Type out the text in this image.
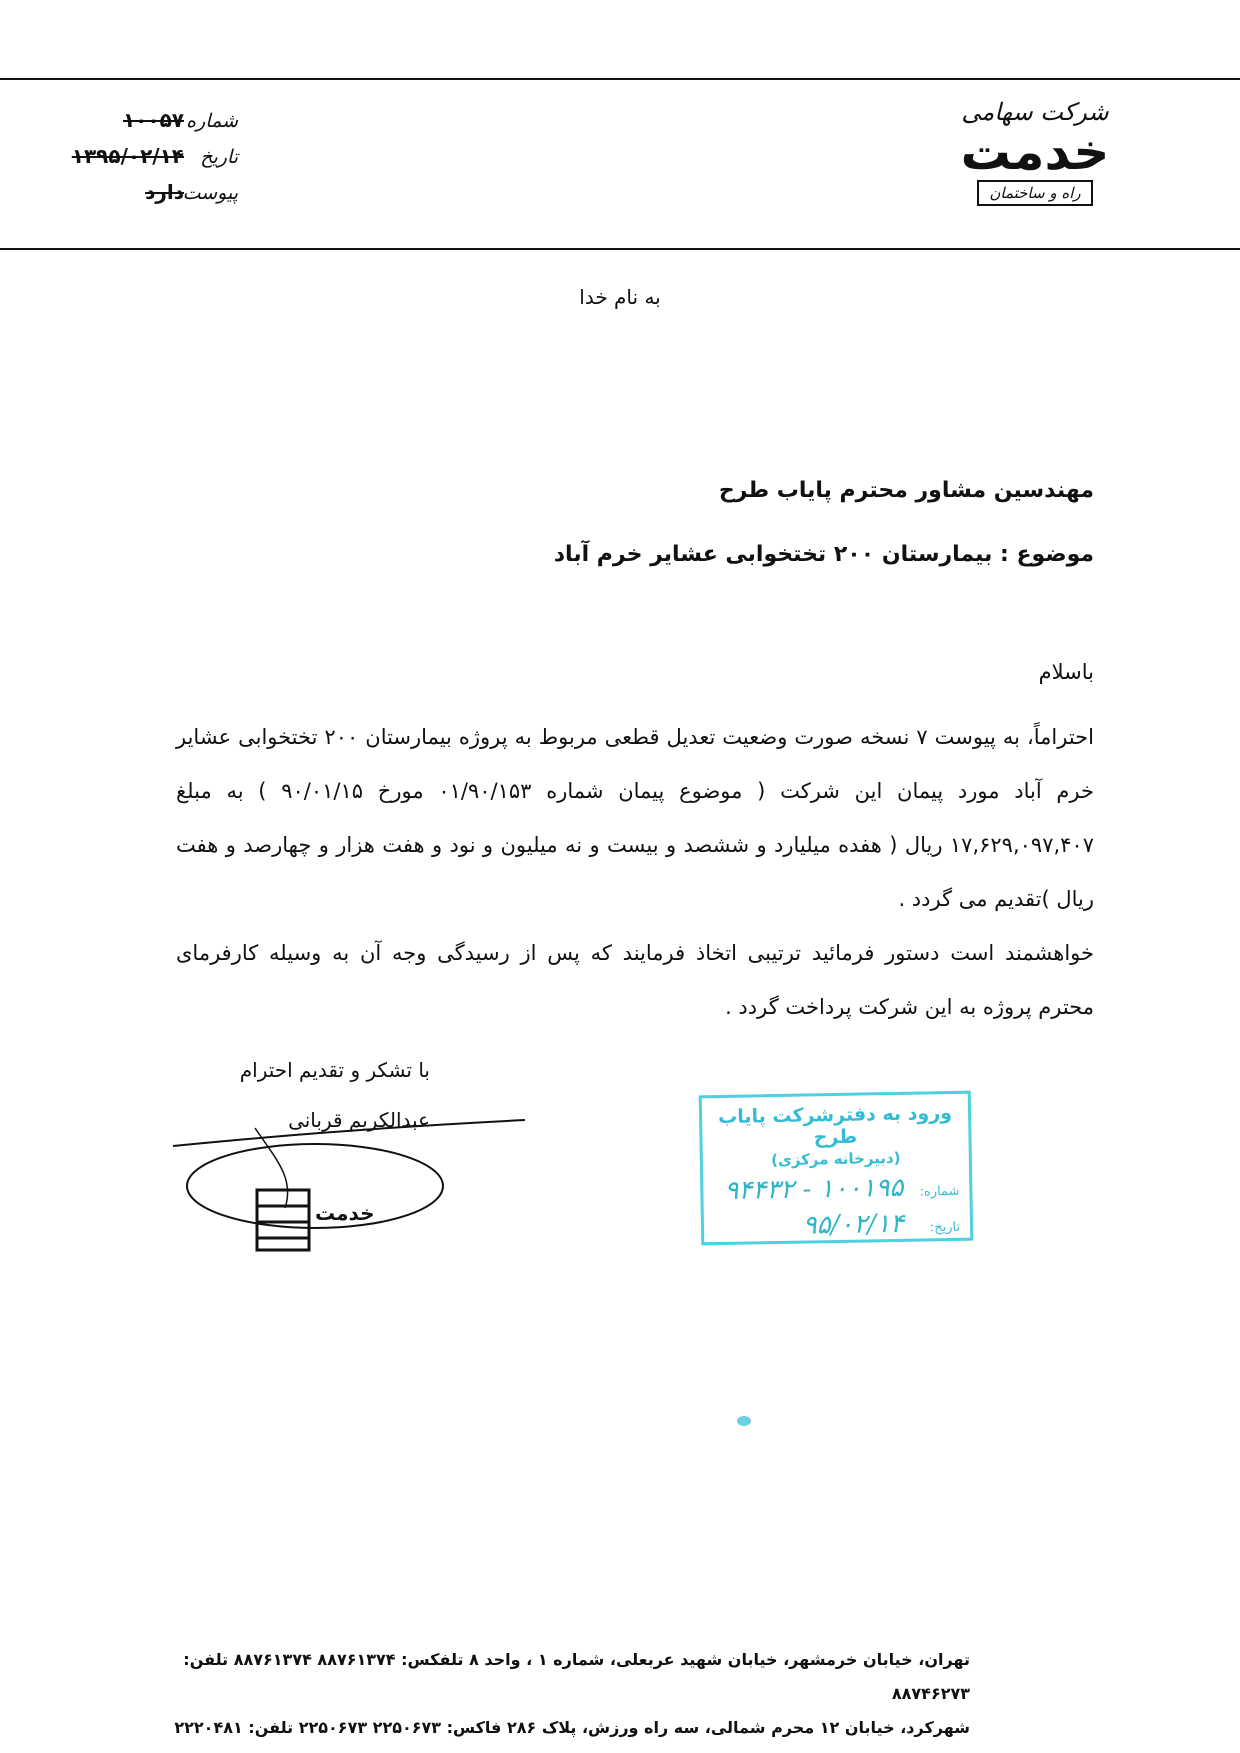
شرکت سهامی
خدمت
راه و ساختمان
شماره
۱۰۰۵۷
تاریخ
۱۳۹۵/۰۲/۱۴
پیوست
دارد
به نام خدا
مهندسین مشاور محترم پایاب طرح
موضوع : بیمارستان ۲۰۰ تختخوابی عشایر خرم آباد
باسلام

احتراماً، به پیوست ۷ نسخه صورت وضعیت تعدیل قطعی مربوط به پروژه بیمارستان ۲۰۰ تختخوابی عشایر خرم آباد مورد پیمان این شرکت ( موضوع پیمان شماره ۰۱/۹۰/۱۵۳ مورخ ۹۰/۰۱/۱۵ ) به مبلغ ۱۷,۶۲۹,۰۹۷,۴۰۷ ریال ( هفده میلیارد و ششصد و بیست و نه میلیون و نود و هفت هزار و چهارصد و هفت ریال )تقدیم می گردد .

خواهشمند است دستور فرمائید ترتیبی اتخاذ فرمایند که پس از رسیدگی وجه آن به وسیله کارفرمای محترم پروژه به این شرکت پرداخت گردد .

با تشکر و تقدیم احترام
عبدالکریم قربانی
خدمت
ورود به دفترشرکت پایاب طرح
(دبیرخانه مرکزی)
شماره:
۱۰۰۱۹۵ - ۹۴۴۳۲
تاریخ:
۹۵/۰۲/۱۴
تهران، خیابان خرمشهر، خیابان شهید عربعلی، شماره ۱ ، واحد ۸ تلفکس: ۸۸۷۶۱۳۷۴ ۸۸۷۶۱۳۷۴ تلفن: ۸۸۷۴۶۲۷۳
شهرکرد، خیابان ۱۲ محرم شمالی، سه راه ورزش، پلاک ۲۸۶ فاکس: ۲۲۵۰۶۷۳ ۲۲۵۰۶۷۳ تلفن: ۲۲۲۰۴۸۱
